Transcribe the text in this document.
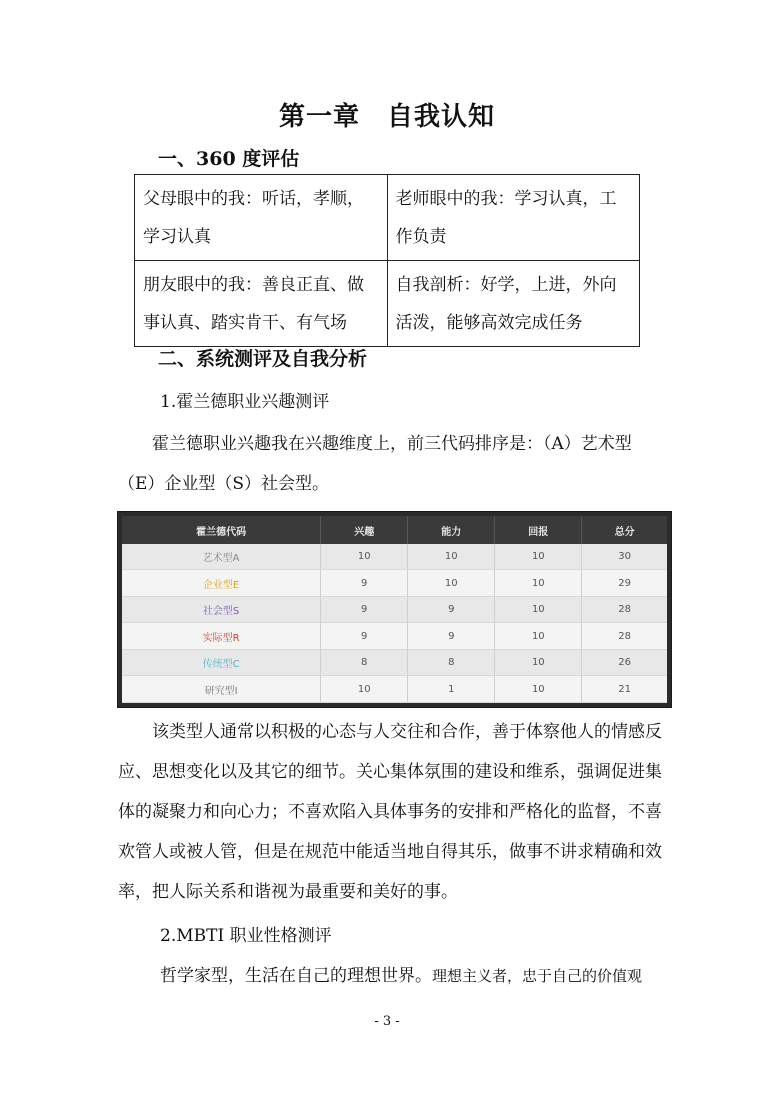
第一章　自我认知
一、360 度评估
父母眼中的我：听话，孝顺，学习认真	老师眼中的我：学习认真，工作负责
朋友眼中的我：善良正直、做事认真、踏实肯干、有气场	自我剖析：好学，上进，外向活泼，能够高效完成任务
二、系统测评及自我分析
1.霍兰德职业兴趣测评
霍兰德职业兴趣我在兴趣维度上，前三代码排序是：（A）艺术型（E）企业型（S）社会型。
霍兰德代码	兴趣	能力	回报	总分
艺术型A	10	10	10	30
企业型E	9	10	10	29
社会型S	9	9	10	28
实际型R	9	9	10	28
传统型C	8	8	10	26
研究型I	10	1	10	21
该类型人通常以积极的心态与人交往和合作，善于体察他人的情感反应、思想变化以及其它的细节。关心集体氛围的建设和维系，强调促进集体的凝聚力和向心力；不喜欢陷入具体事务的安排和严格化的监督，不喜欢管人或被人管，但是在规范中能适当地自得其乐，做事不讲求精确和效率，把人际关系和谐视为最重要和美好的事。
2.MBTI 职业性格测评
哲学家型，生活在自己的理想世界。理想主义者，忠于自己的价值观
- 3 -
